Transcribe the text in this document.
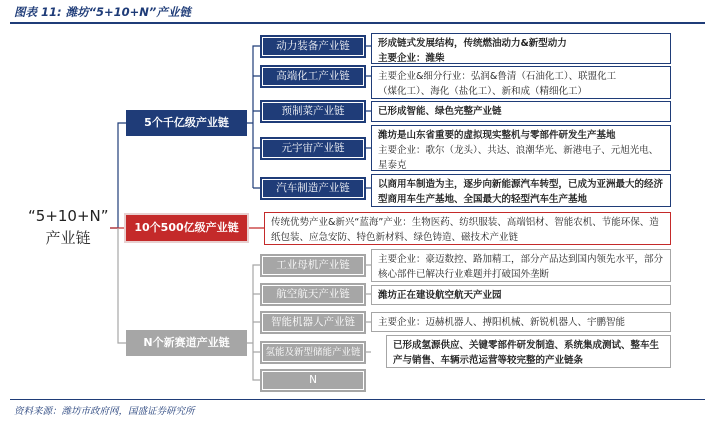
图表 11: 潍坊“5+10+N”产业链
“5+10+N”
产业链
5个千亿级产业链
10个500亿级产业链
N个新赛道产业链
动力装备产业链
高端化工产业链
预制菜产业链
元宇宙产业链
汽车制造产业链
形成链式发展结构，传统燃油动力&新型动力
主要企业：潍柴
主要企业&细分行业：弘润&鲁清（石油化工）、联盟化工
（煤化工）、海化（盐化工）、新和成（精细化工）
已形成智能、绿色完整产业链
潍坊是山东省重要的虚拟现实整机与零部件研发生产基地
主要企业：歌尔（龙头）、共达、浪潮华光、新港电子、元旭光电、星泰克
以商用车制造为主，逐步向新能源汽车转型，已成为亚洲最大的经济型商用车生产基地、全国最大的轻型汽车生产基地
传统优势产业&新兴“蓝海”产业：生物医药、纺织服装、高端铝材、智能农机、节能环保、造纸包装、应急安防、特色新材料、绿色铸造、磁技术产业链
工业母机产业链
航空航天产业链
智能机器人产业链
氢能及新型储能产业链
N
主要企业：豪迈数控、路加精工，部分产品达到国内领先水平，部分核心部件已解决行业难题并打破国外垄断
潍坊正在建设航空航天产业园
主要企业：迈赫机器人、搏阳机械、新锐机器人、宇鹏智能
已形成氢源供应、关键零部件研发制造、系统集成测试、整车生产与销售、车辆示范运营等较完整的产业链条
资料来源：潍坊市政府网，国盛证券研究所
